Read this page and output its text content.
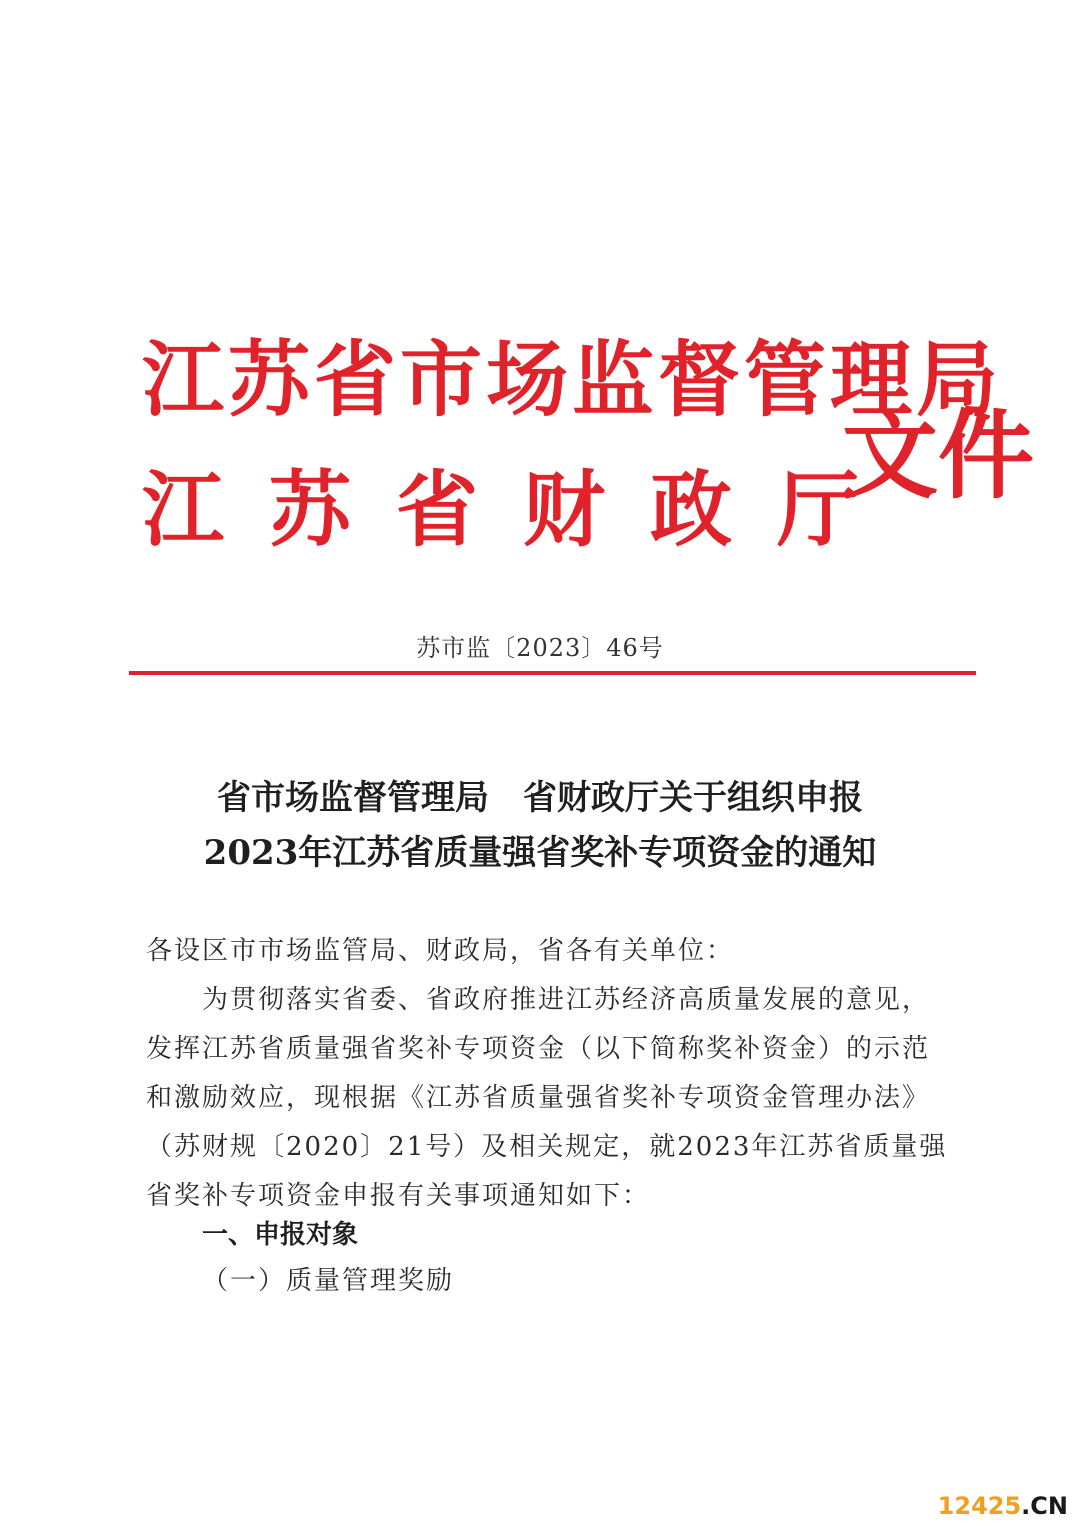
江苏省市场监督管理局
江苏省财政厅
文件
苏市监〔2023〕46号
省市场监督管理局　省财政厅关于组织申报
2023年江苏省质量强省奖补专项资金的通知
各设区市市场监管局、财政局，省各有关单位：
　　为贯彻落实省委、省政府推进江苏经济高质量发展的意见，
发挥江苏省质量强省奖补专项资金（以下简称奖补资金）的示范
和激励效应，现根据《江苏省质量强省奖补专项资金管理办法》
（苏财规〔2020〕21号）及相关规定，就2023年江苏省质量强
省奖补专项资金申报有关事项通知如下：
一、申报对象
（一）质量管理奖励
12425.CN
